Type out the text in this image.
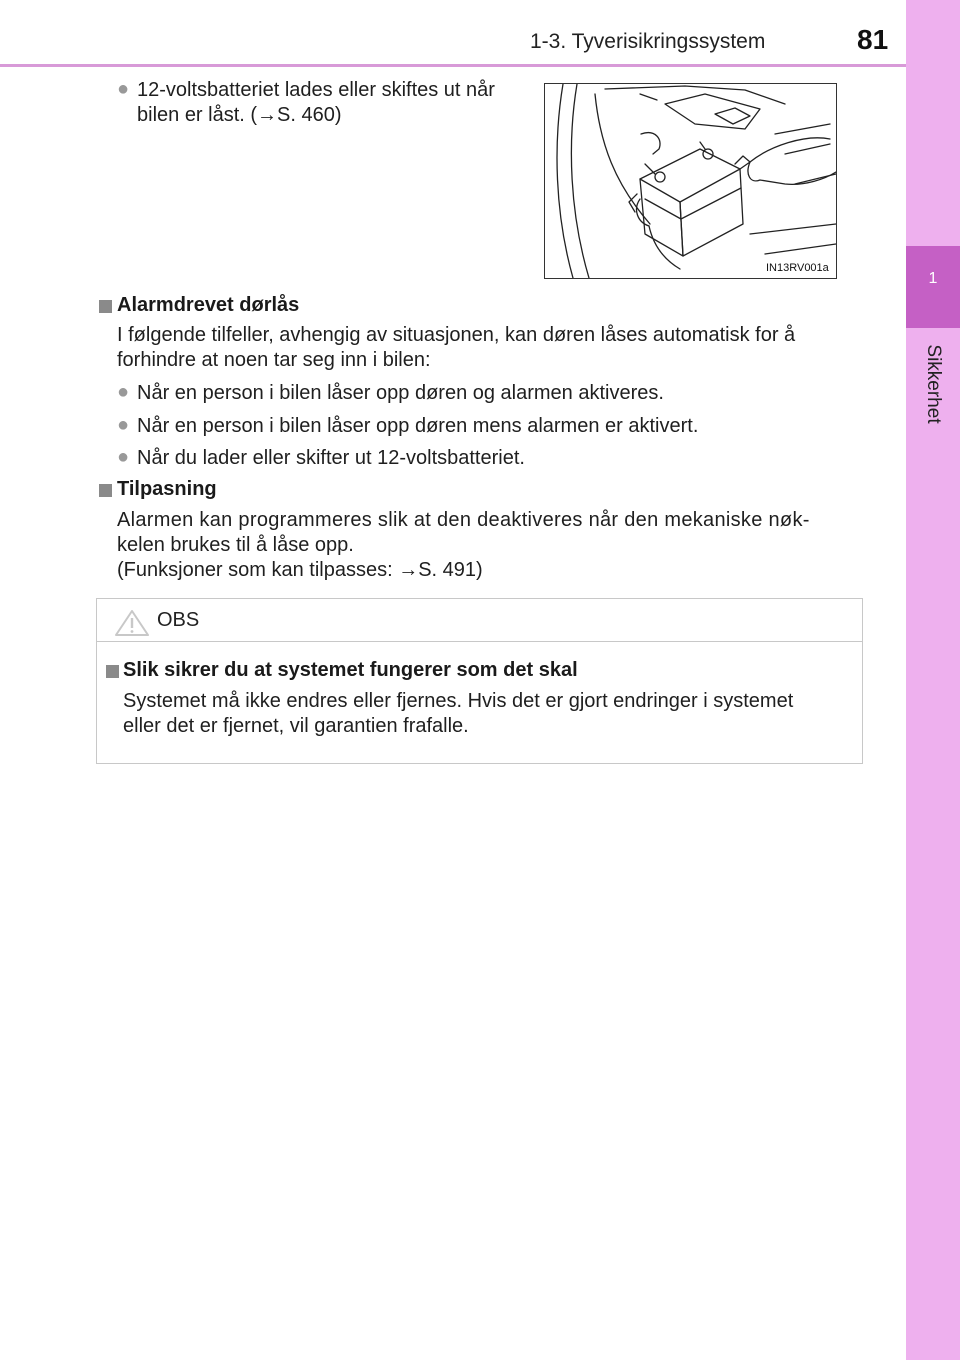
1-3. Tyverisikringssystem	81
1
Sikkerhet
● 12-voltsbatteriet lades eller skiftes ut når
bilen er låst. (→S. 460)
IN13RV001a
Alarmdrevet dørlås
I følgende tilfeller, avhengig av situasjonen, kan døren låses automatisk for å
forhindre at noen tar seg inn i bilen:
● Når en person i bilen låser opp døren og alarmen aktiveres.
● Når en person i bilen låser opp døren mens alarmen er aktivert.
● Når du lader eller skifter ut 12-voltsbatteriet.
Tilpasning
Alarmen kan programmeres slik at den deaktiveres når den mekaniske nøk-
kelen brukes til å låse opp.
(Funksjoner som kan tilpasses: →S. 491)
OBS
Slik sikrer du at systemet fungerer som det skal
Systemet må ikke endres eller fjernes. Hvis det er gjort endringer i systemet
eller det er fjernet, vil garantien frafalle.
